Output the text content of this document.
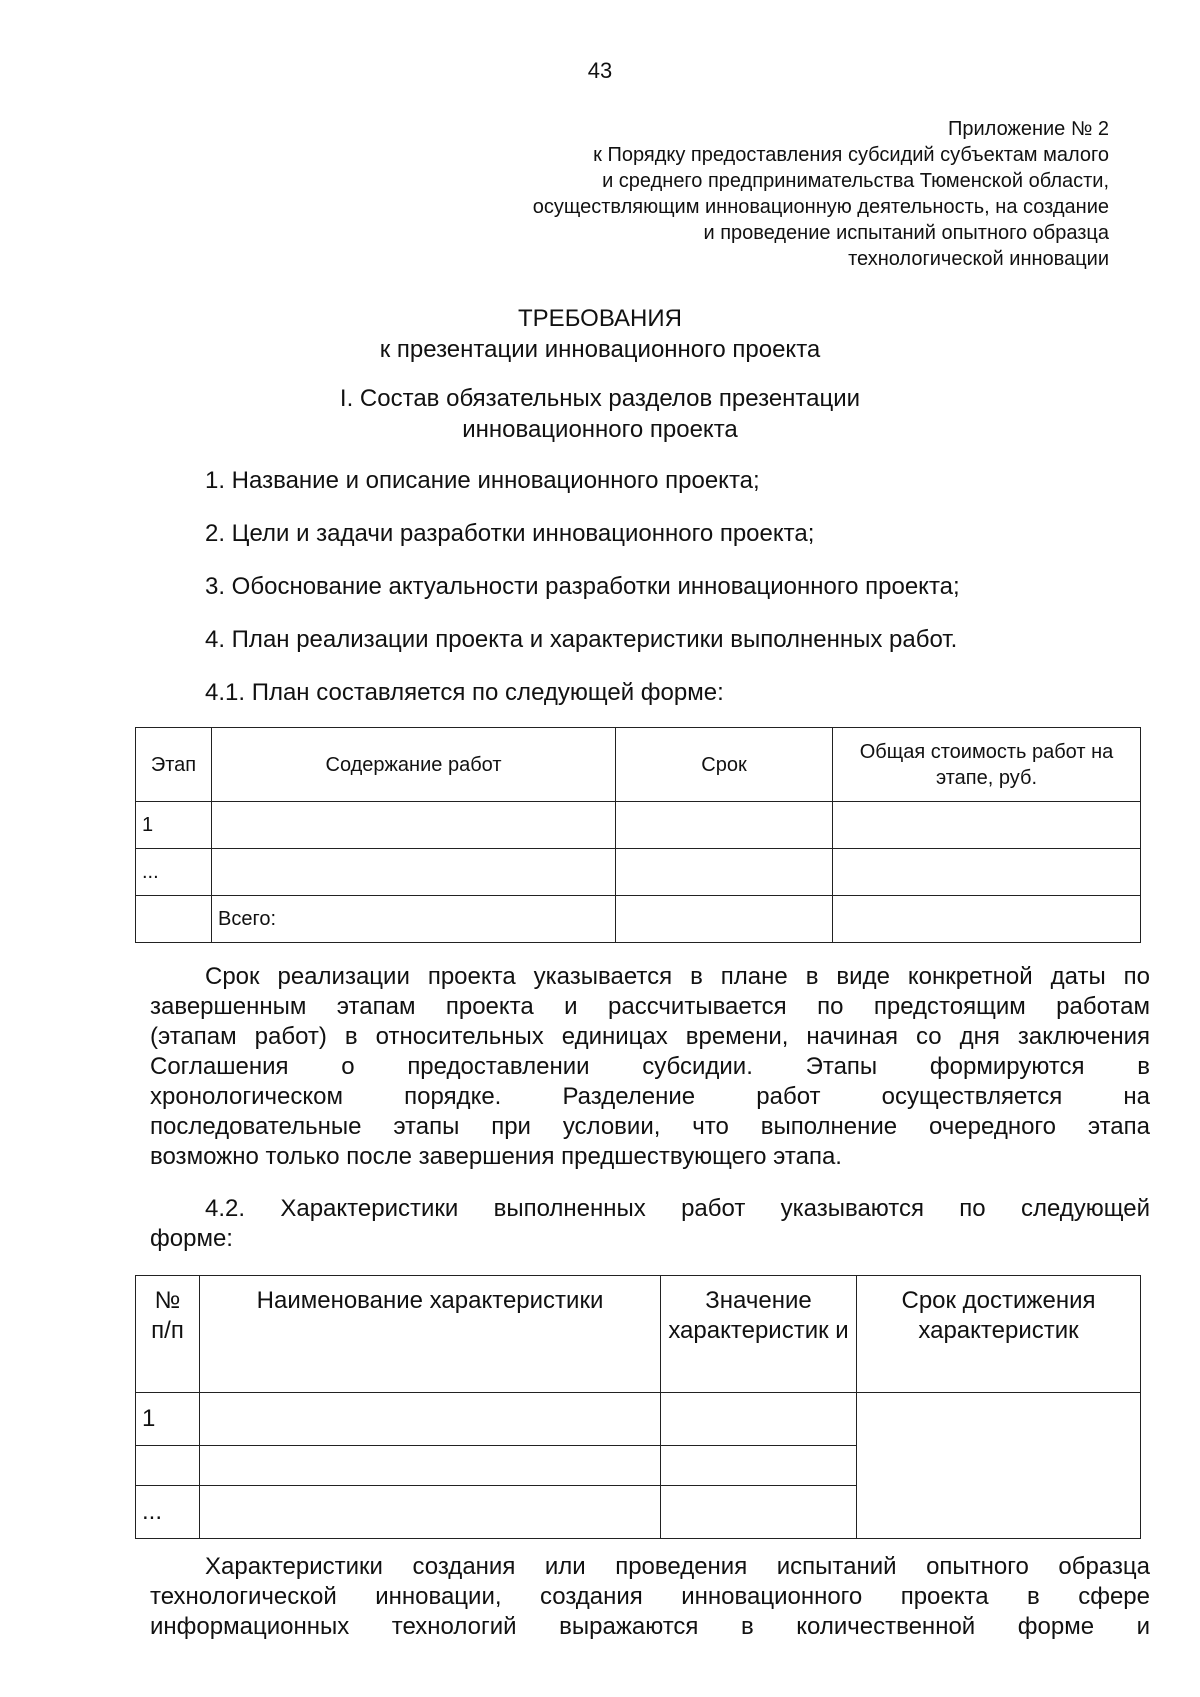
43
Приложение № 2
к Порядку предоставления субсидий субъектам малого
и среднего предпринимательства Тюменской области,
осуществляющим инновационную деятельность, на создание
и проведение испытаний опытного образца
технологической инновации
ТРЕБОВАНИЯ
к презентации инновационного проекта
I. Состав обязательных разделов презентации
инновационного проекта
1. Название и описание инновационного проекта;
2. Цели и задачи разработки инновационного проекта;
3. Обоснование актуальности разработки инновационного проекта;
4. План реализации проекта и характеристики выполненных работ.
4.1. План составляется по следующей форме:
Этап	Содержание работ	Срок	Общая стоимость работ на этапе, руб.
1			
...			
	Всего:		
Срок реализации проекта указывается в плане в виде конкретной даты по
завершенным этапам проекта и рассчитывается по предстоящим работам
(этапам работ) в относительных единицах времени, начиная со дня заключения
Соглашения о предоставлении субсидии. Этапы формируются в
хронологическом порядке. Разделение работ осуществляется на
последовательные этапы при условии, что выполнение очередного этапа
возможно только после завершения предшествующего этапа.
4.2. Характеристики выполненных работ указываются по следующей
форме:
№ п/п	Наименование характеристики	Значение характеристик и	Срок достижения характеристик
1			

...			
Характеристики создания или проведения испытаний опытного образца
технологической инновации, создания инновационного проекта в сфере
информационных технологий выражаются в количественной форме и
